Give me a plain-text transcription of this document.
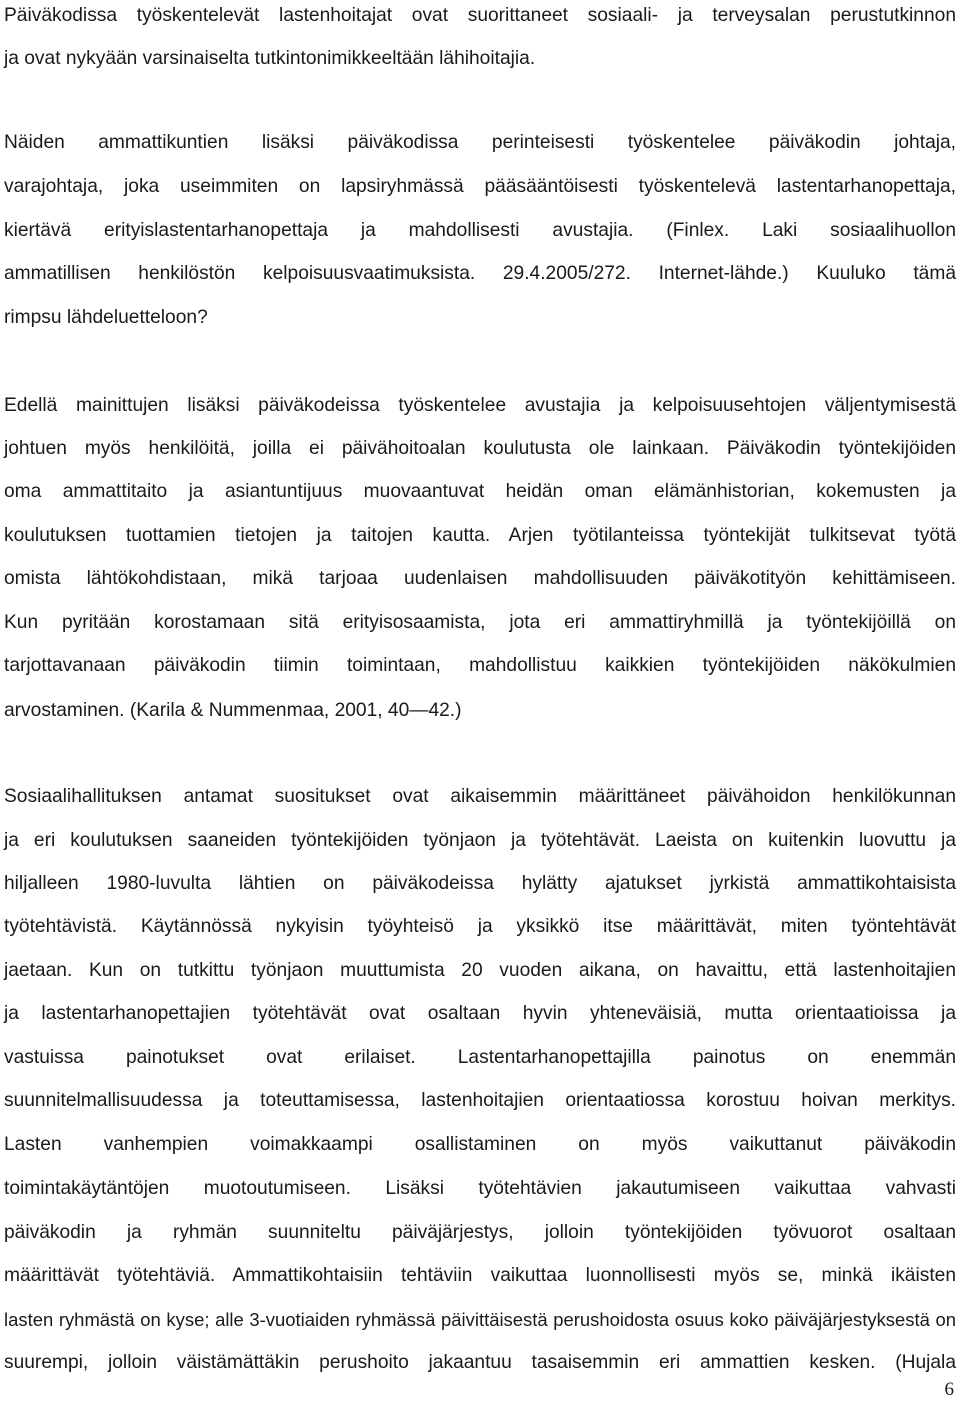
Päiväkodissa työskentelevät lastenhoitajat ovat suorittaneet sosiaali- ja terveysalan perustutkinnon

ja ovat nykyään varsinaiselta tutkintonimikkeeltään lähihoitajia.

Näiden ammattikuntien lisäksi päiväkodissa perinteisesti työskentelee päiväkodin johtaja,

varajohtaja, joka useimmiten on lapsiryhmässä pääsääntöisesti työskentelevä lastentarhanopettaja,

kiertävä erityislastentarhanopettaja ja mahdollisesti avustajia. (Finlex. Laki sosiaalihuollon

ammatillisen henkilöstön kelpoisuusvaatimuksista. 29.4.2005/272. Internet-lähde.) Kuuluko tämä

rimpsu lähdeluetteloon?

Edellä mainittujen lisäksi päiväkodeissa työskentelee avustajia ja kelpoisuusehtojen väljentymisestä

johtuen myös henkilöitä, joilla ei päivähoitoalan koulutusta ole lainkaan. Päiväkodin työntekijöiden

oma ammattitaito ja asiantuntijuus muovaantuvat heidän oman elämänhistorian, kokemusten ja

koulutuksen tuottamien tietojen ja taitojen kautta. Arjen työtilanteissa työntekijät tulkitsevat työtä

omista lähtökohdistaan, mikä tarjoaa uudenlaisen mahdollisuuden päiväkotityön kehittämiseen.

Kun pyritään korostamaan sitä erityisosaamista, jota eri ammattiryhmillä ja työntekijöillä on

tarjottavanaan päiväkodin tiimin toimintaan, mahdollistuu kaikkien työntekijöiden näkökulmien

arvostaminen. (Karila & Nummenmaa, 2001, 40—42.)

Sosiaalihallituksen antamat suositukset ovat aikaisemmin määrittäneet päivähoidon henkilökunnan

ja eri koulutuksen saaneiden työntekijöiden työnjaon ja työtehtävät. Laeista on kuitenkin luovuttu ja

hiljalleen 1980-luvulta lähtien on päiväkodeissa hylätty ajatukset jyrkistä ammattikohtaisista

työtehtävistä. Käytännössä nykyisin työyhteisö ja yksikkö itse määrittävät, miten työntehtävät

jaetaan. Kun on tutkittu työnjaon muuttumista 20 vuoden aikana, on havaittu, että lastenhoitajien

ja lastentarhanopettajien työtehtävät ovat osaltaan hyvin yhteneväisiä, mutta orientaatioissa ja

vastuissa painotukset ovat erilaiset. Lastentarhanopettajilla painotus on enemmän

suunnitelmallisuudessa ja toteuttamisessa, lastenhoitajien orientaatiossa korostuu hoivan merkitys.

Lasten vanhempien voimakkaampi osallistaminen on myös vaikuttanut päiväkodin

toimintakäytäntöjen muotoutumiseen. Lisäksi työtehtävien jakautumiseen vaikuttaa vahvasti

päiväkodin ja ryhmän suunniteltu päiväjärjestys, jolloin työntekijöiden työvuorot osaltaan

määrittävät työtehtäviä. Ammattikohtaisiin tehtäviin vaikuttaa luonnollisesti myös se, minkä ikäisten

lasten ryhmästä on kyse; alle 3-vuotiaiden ryhmässä päivittäisestä perushoidosta osuus koko päiväjärjestyksestä on

suurempi, jolloin väistämättäkin perushoito jakaantuu tasaisemmin eri ammattien kesken. (Hujala

6
